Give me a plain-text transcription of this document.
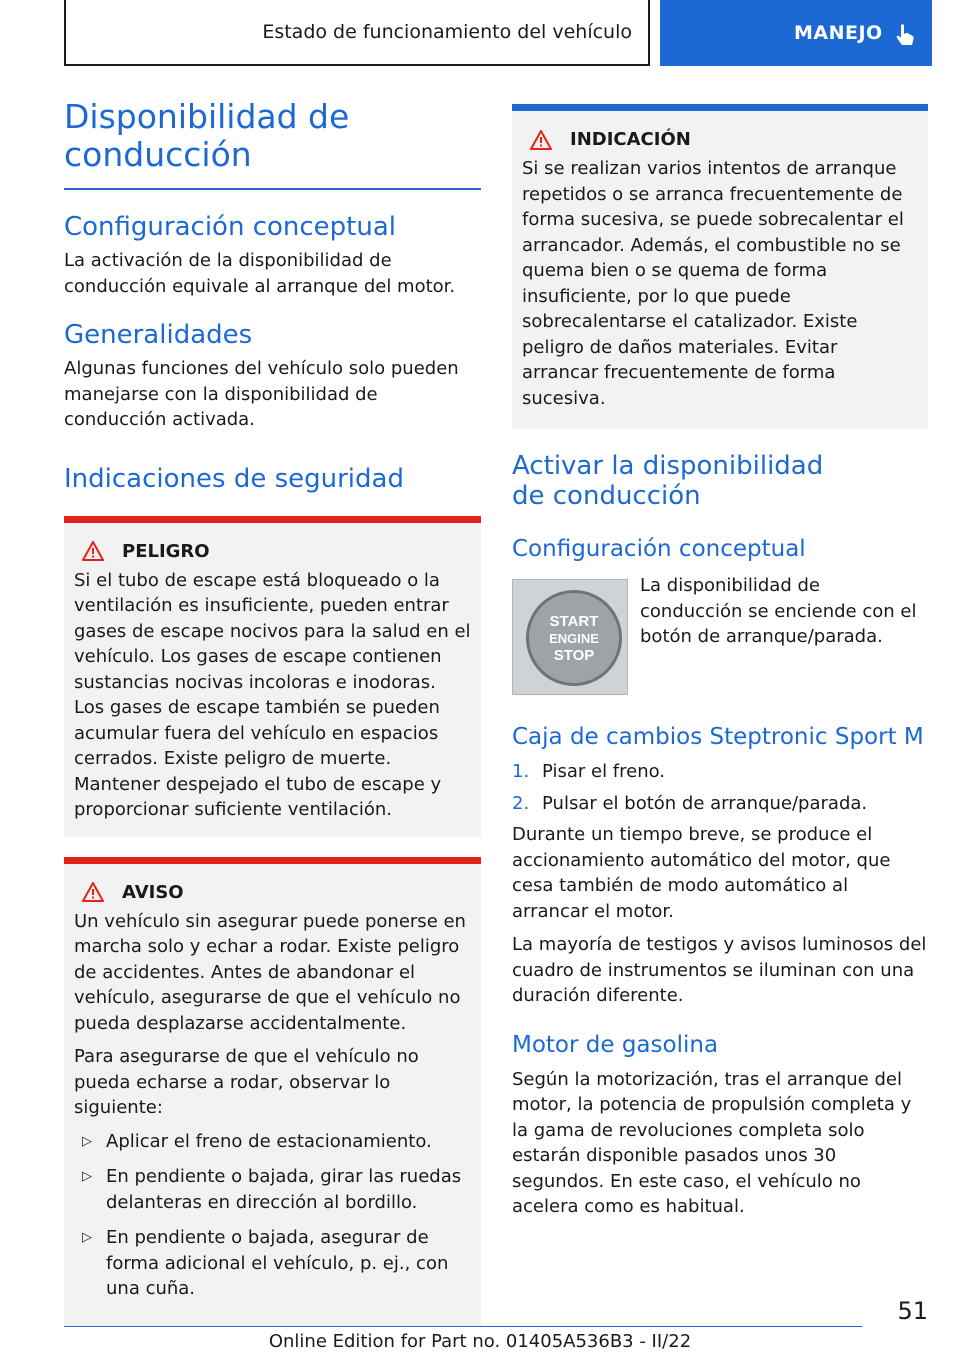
Estado de funcionamiento del vehículo	MANEJO
Disponibilidad de conducción
Configuración conceptual

La activación de la disponibilidad de conducción equivale al arranque del motor.

Generalidades

Algunas funciones del vehículo solo pueden manejarse con la disponibilidad de conducción activada.

Indicaciones de seguridad
PELIGRO

Si el tubo de escape está bloqueado o la ventilación es insuficiente, pueden entrar gases de escape nocivos para la salud en el vehículo. Los gases de escape contienen sustancias nocivas incoloras e inodoras. Los gases de escape también se pueden acumular fuera del vehículo en espacios cerrados. Existe peligro de muerte. Mantener despejado el tubo de escape y proporcionar suficiente ventilación.

AVISO

Un vehículo sin asegurar puede ponerse en marcha solo y echar a rodar. Existe peligro de accidentes. Antes de abandonar el vehículo, asegurarse de que el vehículo no pueda desplazarse accidentalmente.

Para asegurarse de que el vehículo no pueda echarse a rodar, observar lo siguiente:

▷ Aplicar el freno de estacionamiento.
▷ En pendiente o bajada, girar las ruedas delanteras en dirección al bordillo.
▷ En pendiente o bajada, asegurar de forma adicional el vehículo, p. ej., con una cuña.
INDICACIÓN

Si se realizan varios intentos de arranque repetidos o se arranca frecuentemente de forma sucesiva, se puede sobrecalentar el arrancador. Además, el combustible no se quema bien o se quema de forma insuficiente, por lo que puede sobrecalentarse el catalizador. Existe peligro de daños materiales. Evitar arrancar frecuentemente de forma sucesiva.

Activar la disponibilidad de conducción
Configuración conceptual
START
ENGINE
STOP

La disponibilidad de conducción se enciende con el botón de arranque/parada.

Caja de cambios Steptronic Sport M
1. Pisar el freno.
2. Pulsar el botón de arranque/parada.

Durante un tiempo breve, se produce el accionamiento automático del motor, que cesa también de modo automático al arrancar el motor.

La mayoría de testigos y avisos luminosos del cuadro de instrumentos se iluminan con una duración diferente.

Motor de gasolina

Según la motorización, tras el arranque del motor, la potencia de propulsión completa y la gama de revoluciones completa solo estarán disponible pasados unos 30 segundos. En este caso, el vehículo no acelera como es habitual.

51
Online Edition for Part no. 01405A536B3 - II/22
